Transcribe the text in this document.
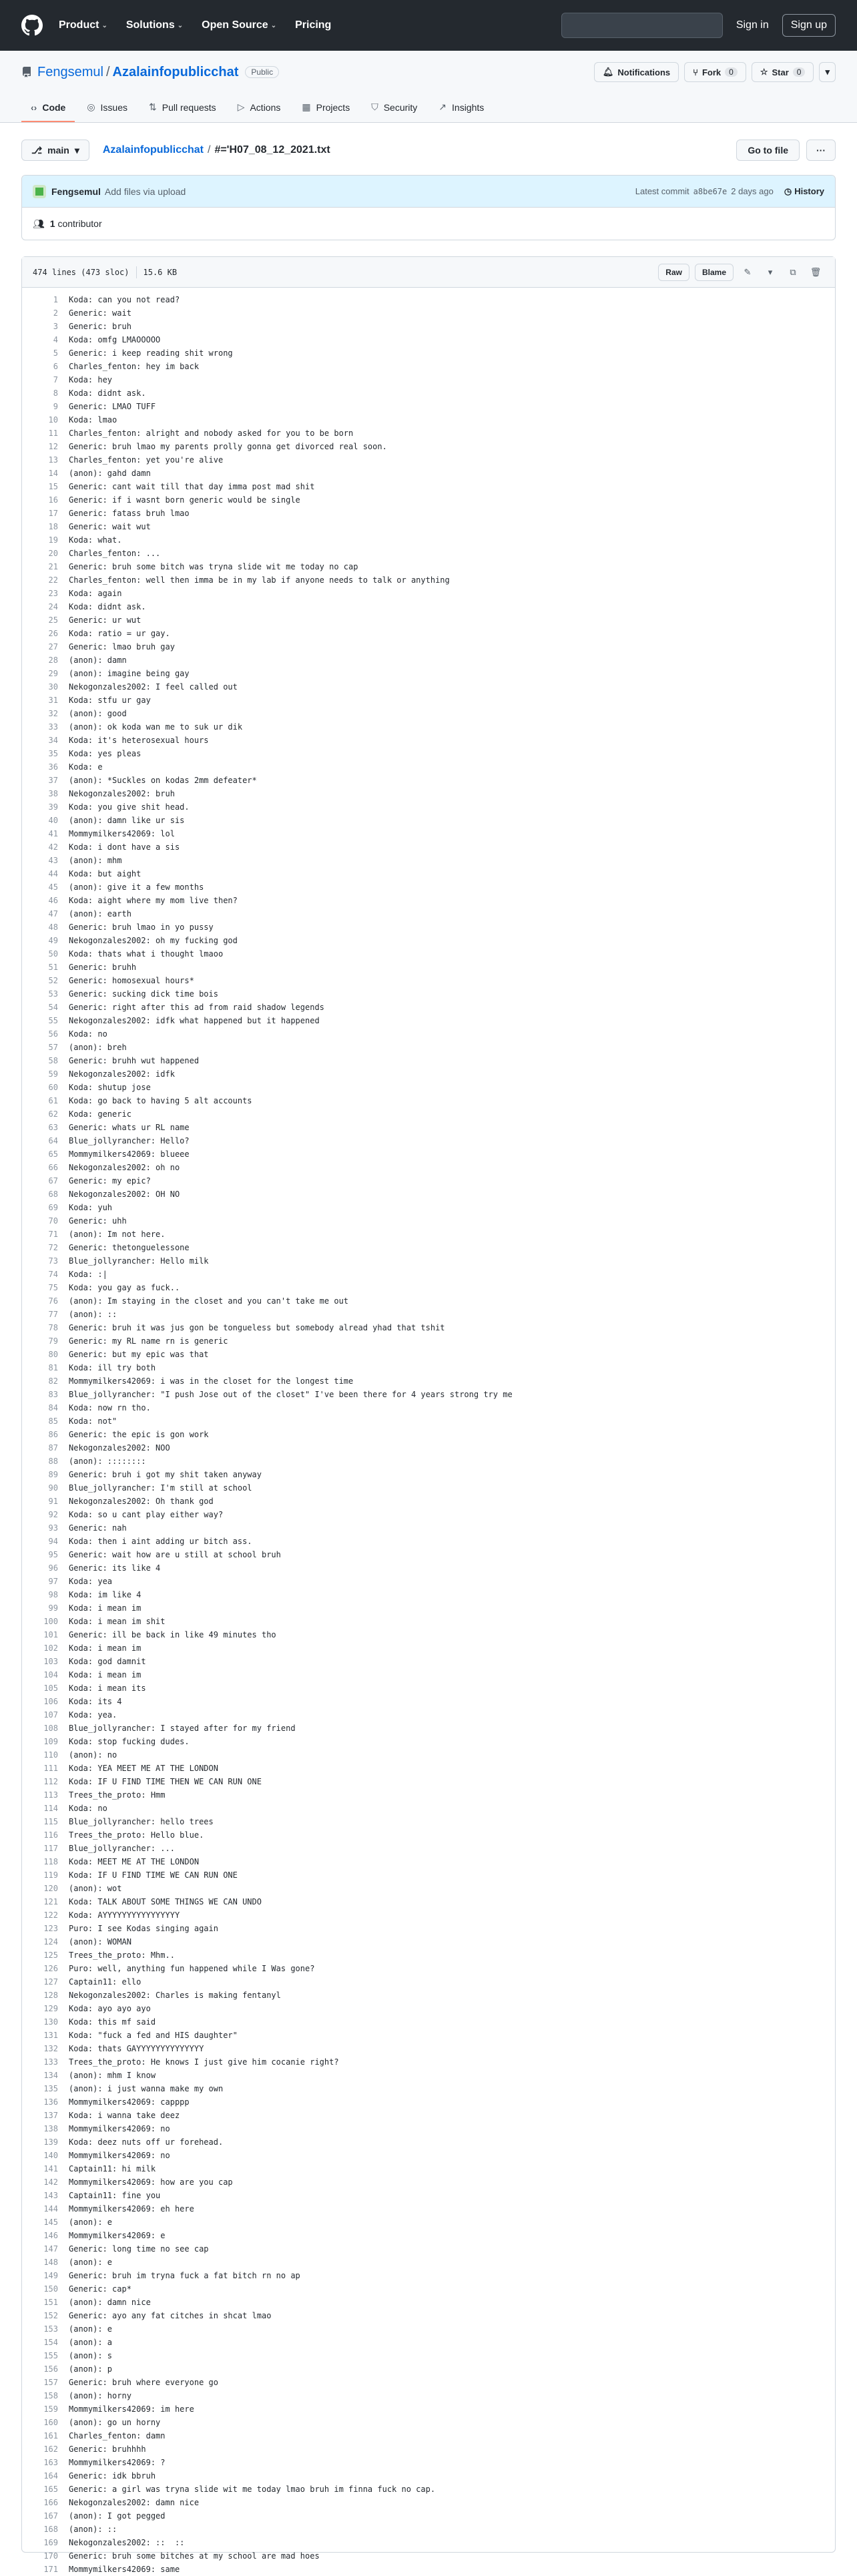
Product ⌄ Solutions ⌄ Open Source ⌄ Pricing	Sign in	Sign up
Fengsemul / Azalainfopublicchat	Public	🔔︎ Notifications	⑂ Fork	0	☆ Star	0	▾
‹› Code ◎ Issues ⇅ Pull requests ▷ Actions ▦ Projects ⛉ Security ↗ Insights
⎇ main ▾ Azalainfopublicchat / #='H07_08_12_2021.txt	Go to file	···
Fengsemul Add files via upload	Latest commit a8be67e 2 days ago ◷ History
👥︎ 1 contributor
474 lines (473 sloc) 15.6 KB	Raw	Blame	✎	▾	⧉	🗑︎
1	Koda: can you not read?
2	Generic: wait
3	Generic: bruh
4	Koda: omfg LMAOOOOO
5	Generic: i keep reading shit wrong
6	Charles_fenton: hey im back
7	Koda: hey
8	Koda: didnt ask.
9	Generic: LMAO TUFF
10	Koda: lmao
11	Charles_fenton: alright and nobody asked for you to be born
12	Generic: bruh lmao my parents prolly gonna get divorced real soon.
13	Charles_fenton: yet you're alive
14	(anon): gahd damn
15	Generic: cant wait till that day imma post mad shit
16	Generic: if i wasnt born generic would be single
17	Generic: fatass bruh lmao
18	Generic: wait wut
19	Koda: what.
20	Charles_fenton: ...
21	Generic: bruh some bitch was tryna slide wit me today no cap
22	Charles_fenton: well then imma be in my lab if anyone needs to talk or anything
23	Koda: again
24	Koda: didnt ask.
25	Generic: ur wut
26	Koda: ratio = ur gay.
27	Generic: lmao bruh gay
28	(anon): damn
29	(anon): imagine being gay
30	Nekogonzales2002: I feel called out
31	Koda: stfu ur gay
32	(anon): good
33	(anon): ok koda wan me to suk ur dik
34	Koda: it's heterosexual hours
35	Koda: yes pleas
36	Koda: e
37	(anon): *Suckles on kodas 2mm defeater*
38	Nekogonzales2002: bruh
39	Koda: you give shit head.
40	(anon): damn like ur sis
41	Mommymilkers42069: lol
42	Koda: i dont have a sis
43	(anon): mhm
44	Koda: but aight
45	(anon): give it a few months
46	Koda: aight where my mom live then?
47	(anon): earth
48	Generic: bruh lmao in yo pussy
49	Nekogonzales2002: oh my fucking god
50	Koda: thats what i thought lmaoo
51	Generic: bruhh
52	Generic: homosexual hours*
53	Generic: sucking dick time bois
54	Generic: right after this ad from raid shadow legends
55	Nekogonzales2002: idfk what happened but it happened
56	Koda: no
57	(anon): breh
58	Generic: bruhh wut happened
59	Nekogonzales2002: idfk
60	Koda: shutup jose
61	Koda: go back to having 5 alt accounts
62	Koda: generic
63	Generic: whats ur RL name
64	Blue_jollyrancher: Hello?
65	Mommymilkers42069: blueee
66	Nekogonzales2002: oh no
67	Generic: my epic?
68	Nekogonzales2002: OH NO
69	Koda: yuh
70	Generic: uhh
71	(anon): Im not here.
72	Generic: thetonguelessone
73	Blue_jollyrancher: Hello milk
74	Koda: :|
75	Koda: you gay as fuck..
76	(anon): Im staying in the closet and you can't take me out
77	(anon): ::
78	Generic: bruh it was jus gon be tongueless but somebody alread yhad that tshit
79	Generic: my RL name rn is generic
80	Generic: but my epic was that
81	Koda: ill try both
82	Mommymilkers42069: i was in the closet for the longest time
83	Blue_jollyrancher: "I push Jose out of the closet" I've been there for 4 years strong try me
84	Koda: now rn tho.
85	Koda: not"
86	Generic: the epic is gon work
87	Nekogonzales2002: NOO
88	(anon): ::::::::
89	Generic: bruh i got my shit taken anyway
90	Blue_jollyrancher: I'm still at school
91	Nekogonzales2002: Oh thank god
92	Koda: so u cant play either way?
93	Generic: nah
94	Koda: then i aint adding ur bitch ass.
95	Generic: wait how are u still at school bruh
96	Generic: its like 4
97	Koda: yea
98	Koda: im like 4
99	Koda: i mean im
100	Koda: i mean im shit
101	Generic: ill be back in like 49 minutes tho
102	Koda: i mean im
103	Koda: god damnit
104	Koda: i mean im
105	Koda: i mean its
106	Koda: its 4
107	Koda: yea.
108	Blue_jollyrancher: I stayed after for my friend
109	Koda: stop fucking dudes.
110	(anon): no
111	Koda: YEA MEET ME AT THE LONDON
112	Koda: IF U FIND TIME THEN WE CAN RUN ONE
113	Trees_the_proto: Hmm
114	Koda: no
115	Blue_jollyrancher: hello trees
116	Trees_the_proto: Hello blue.
117	Blue_jollyrancher: ...
118	Koda: MEET ME AT THE LONDON
119	Koda: IF U FIND TIME WE CAN RUN ONE
120	(anon): wot
121	Koda: TALK ABOUT SOME THINGS WE CAN UNDO
122	Koda: AYYYYYYYYYYYYYYYY
123	Puro: I see Kodas singing again
124	(anon): WOMAN
125	Trees_the_proto: Mhm..
126	Puro: well, anything fun happened while I Was gone?
127	Captain11: ello
128	Nekogonzales2002: Charles is making fentanyl
129	Koda: ayo ayo ayo
130	Koda: this mf said
131	Koda: "fuck a fed and HIS daughter"
132	Koda: thats GAYYYYYYYYYYYYYY
133	Trees_the_proto: He knows I just give him cocanie right?
134	(anon): mhm I know
135	(anon): i just wanna make my own
136	Mommymilkers42069: capppp
137	Koda: i wanna take deez
138	Mommymilkers42069: no
139	Koda: deez nuts off ur forehead.
140	Mommymilkers42069: no
141	Captain11: hi milk
142	Mommymilkers42069: how are you cap
143	Captain11: fine you
144	Mommymilkers42069: eh here
145	(anon): e
146	Mommymilkers42069: e
147	Generic: long time no see cap
148	(anon): e
149	Generic: bruh im tryna fuck a fat bitch rn no ap
150	Generic: cap*
151	(anon): damn nice
152	Generic: ayo any fat citches in shcat lmao
153	(anon): e
154	(anon): a
155	(anon): s
156	(anon): p
157	Generic: bruh where everyone go
158	(anon): horny
159	Mommymilkers42069: im here
160	(anon): go un horny
161	Charles_fenton: damn
162	Generic: bruhhhh
163	Mommymilkers42069: ?
164	Generic: idk bbruh
165	Generic: a girl was tryna slide wit me today lmao bruh im finna fuck no cap.
166	Nekogonzales2002: damn nice
167	(anon): I got pegged
168	(anon): ::
169	Nekogonzales2002: ::  ::
170	Generic: bruh some bitches at my school are mad hoes
171	Mommymilkers42069: same
